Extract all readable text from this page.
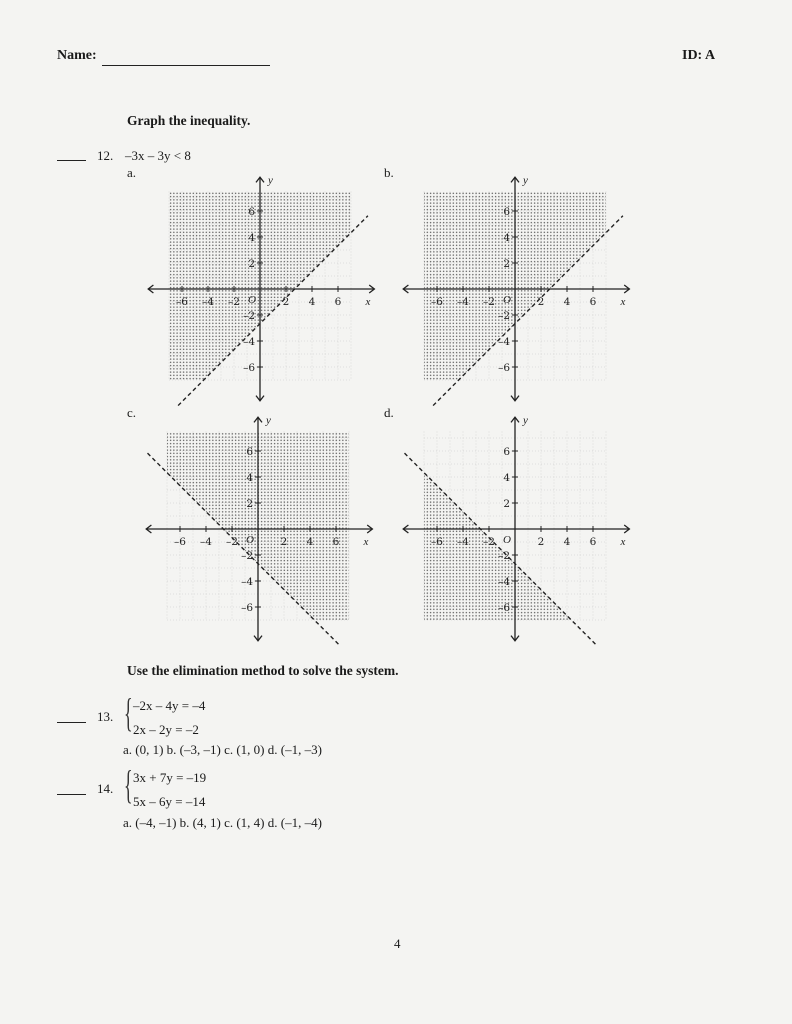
Name:	ID: A
Graph the inequality.
12. –3x – 3y < 8
a.	b.
c.	d.
–6 –4 –2	2 4 6
6
4
2
–2
–4
–6
O	x
y
–6 –4 –2	2 4 6
6
4
2
–2
–4
–6
O	x
y
–6 –4 –2	2 4 6
6
4
2
–2
–4
–6
O	x
y
–6 –4 –2	2 4 6
6
4
2
–2
–4
–6
O	x
y
Use the elimination method to solve the system.
13. { –2x – 4y = –4
2x – 2y = –2
a. (0, 1) b. (–3, –1) c. (1, 0) d. (–1, –3)
14. { 3x + 7y = –19
5x – 6y = –14
a. (–4, –1) b. (4, 1) c. (1, 4) d. (–1, –4)
4
